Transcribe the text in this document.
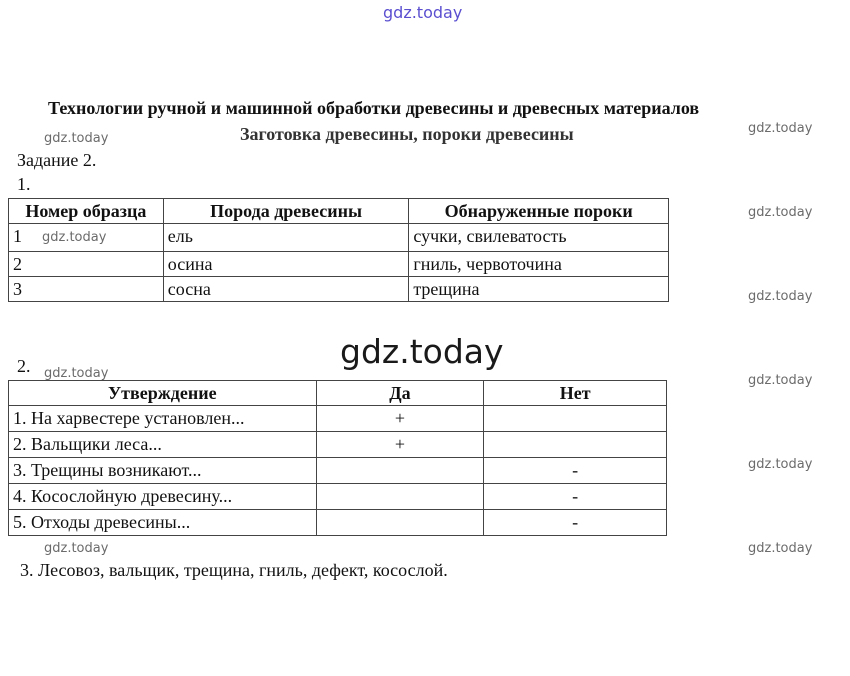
gdz.today
gdz.today
gdz.today
gdz.today
gdz.today
gdz.today
gdz.today
gdz.today
Технологии ручной и машинной обработки древесины и древесных материалов
Заготовка древесины, пороки древесины
Задание 2.
1.
Номер образца	Порода древесины	Обнаруженные пороки
1 gdz.today	ель	сучки, свилеватость
2	осина	гниль, червоточина
3	сосна	трещина
gdz.today
2. gdz.today
Утверждение	Да	Нет
1. На харвестере установлен...	+	
2. Вальщики леса...	+	
3. Трещины возникают...		-
4. Косослойную древесину...		-
5. Отходы древесины...		-
gdz.today
3. Лесовоз, вальщик, трещина, гниль, дефект, косослой.
